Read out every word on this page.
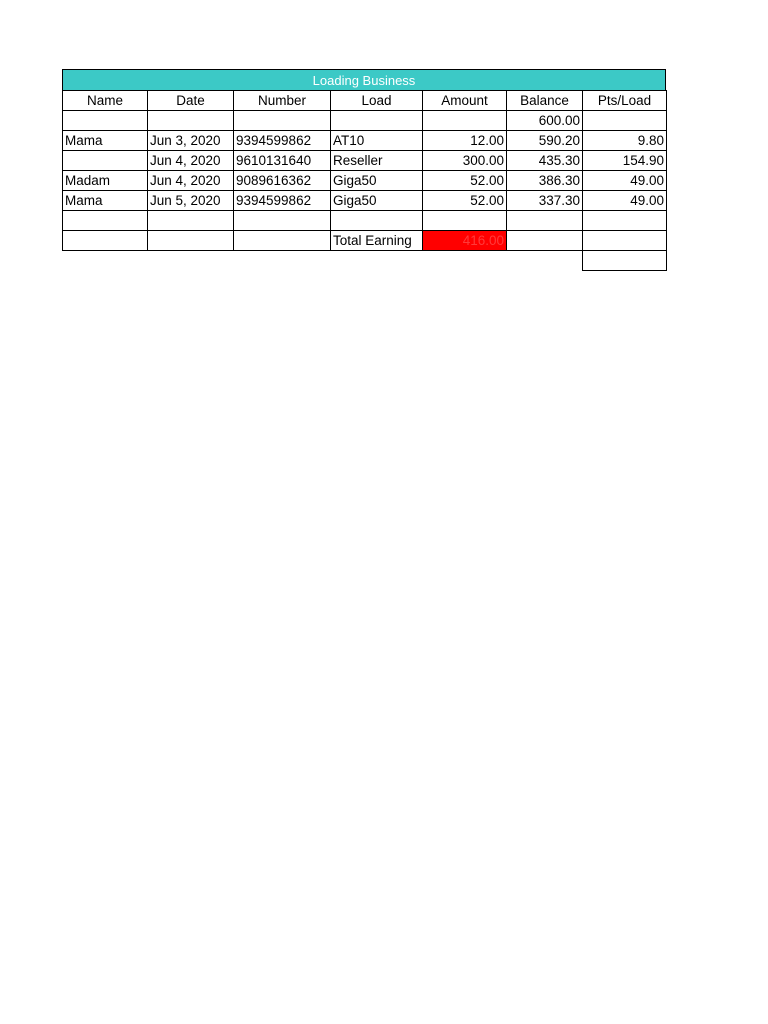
Loading Business
Name	Date	Number	Load	Amount	Balance	Pts/Load
					600.00	
Mama	Jun 3, 2020	9394599862	AT10	12.00	590.20	9.80
	Jun 4, 2020	9610131640	Reseller	300.00	435.30	154.90
Madam	Jun 4, 2020	9089616362	Giga50	52.00	386.30	49.00
Mama	Jun 5, 2020	9394599862	Giga50	52.00	337.30	49.00

			Total Earning	416.00		
